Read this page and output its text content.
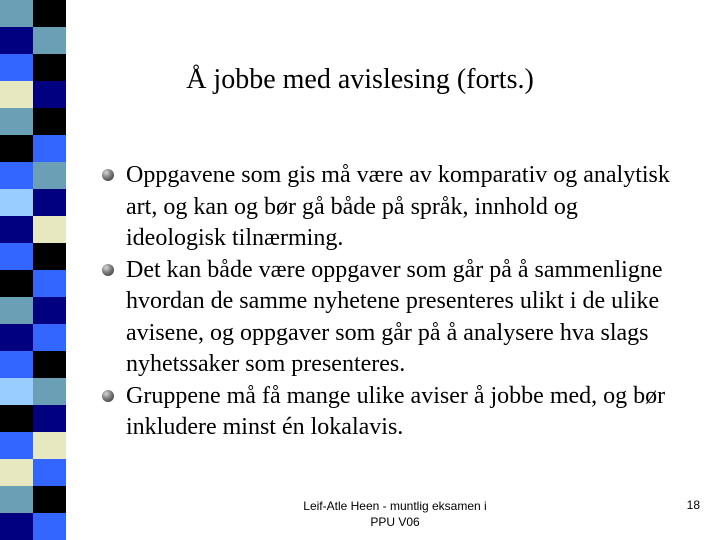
Å jobbe med avislesing (forts.)
Oppgavene som gis må være av komparativ og analytisk art, og kan og bør gå både på språk, innhold og ideologisk tilnærming.
Det kan både være oppgaver som går på å sammenligne hvordan de samme nyhetene presenteres ulikt i de ulike avisene, og oppgaver som går på å analysere hva slags nyhetssaker som presenteres.
Gruppene må få mange ulike aviser å jobbe med, og bør inkludere minst én lokalavis.
Leif-Atle Heen - muntlig eksamen i
PPU V06
18
